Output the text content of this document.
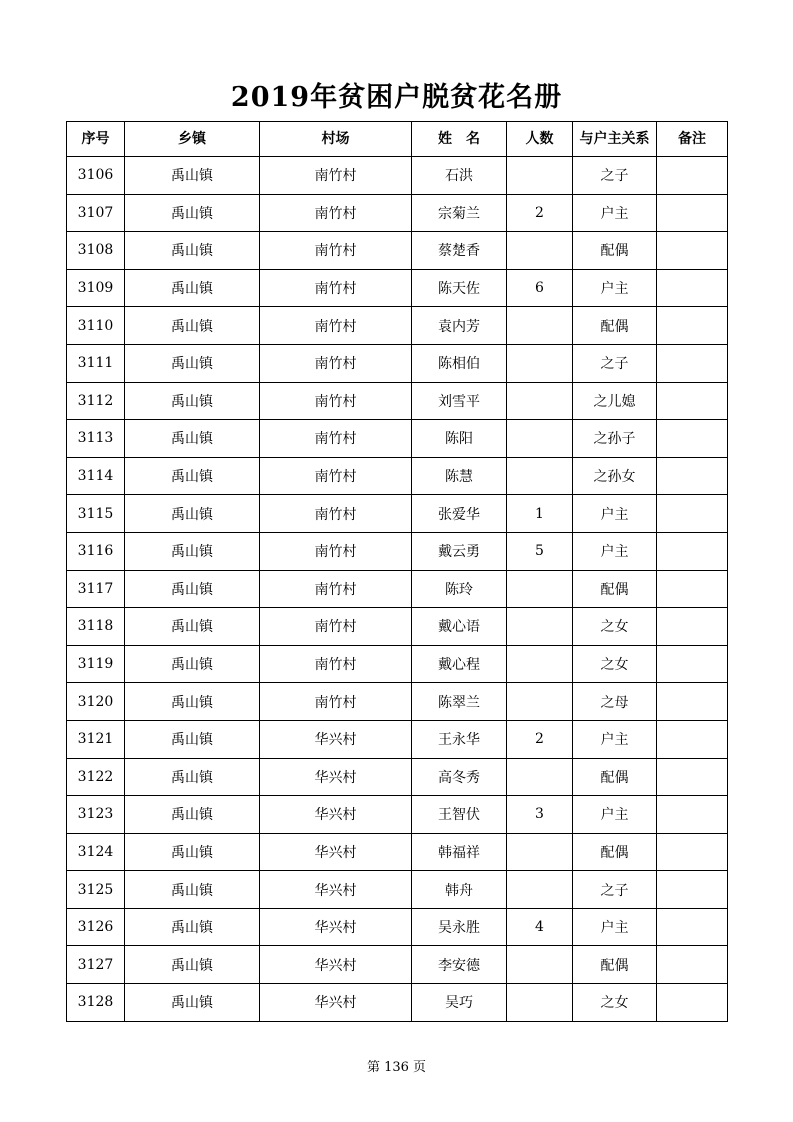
2019年贫困户脱贫花名册
序号	乡镇	村场	姓　名	人数	与户主关系	备注
3106	禹山镇	南竹村	石洪		之子	
3107	禹山镇	南竹村	宗菊兰	2	户主	
3108	禹山镇	南竹村	蔡楚香		配偶	
3109	禹山镇	南竹村	陈天佐	6	户主	
3110	禹山镇	南竹村	袁内芳		配偶	
3111	禹山镇	南竹村	陈相伯		之子	
3112	禹山镇	南竹村	刘雪平		之儿媳	
3113	禹山镇	南竹村	陈阳		之孙子	
3114	禹山镇	南竹村	陈慧		之孙女	
3115	禹山镇	南竹村	张爱华	1	户主	
3116	禹山镇	南竹村	戴云勇	5	户主	
3117	禹山镇	南竹村	陈玲		配偶	
3118	禹山镇	南竹村	戴心语		之女	
3119	禹山镇	南竹村	戴心程		之女	
3120	禹山镇	南竹村	陈翠兰		之母	
3121	禹山镇	华兴村	王永华	2	户主	
3122	禹山镇	华兴村	高冬秀		配偶	
3123	禹山镇	华兴村	王智伏	3	户主	
3124	禹山镇	华兴村	韩福祥		配偶	
3125	禹山镇	华兴村	韩舟		之子	
3126	禹山镇	华兴村	吴永胜	4	户主	
3127	禹山镇	华兴村	李安德		配偶	
3128	禹山镇	华兴村	吴巧		之女	
第 136 页
